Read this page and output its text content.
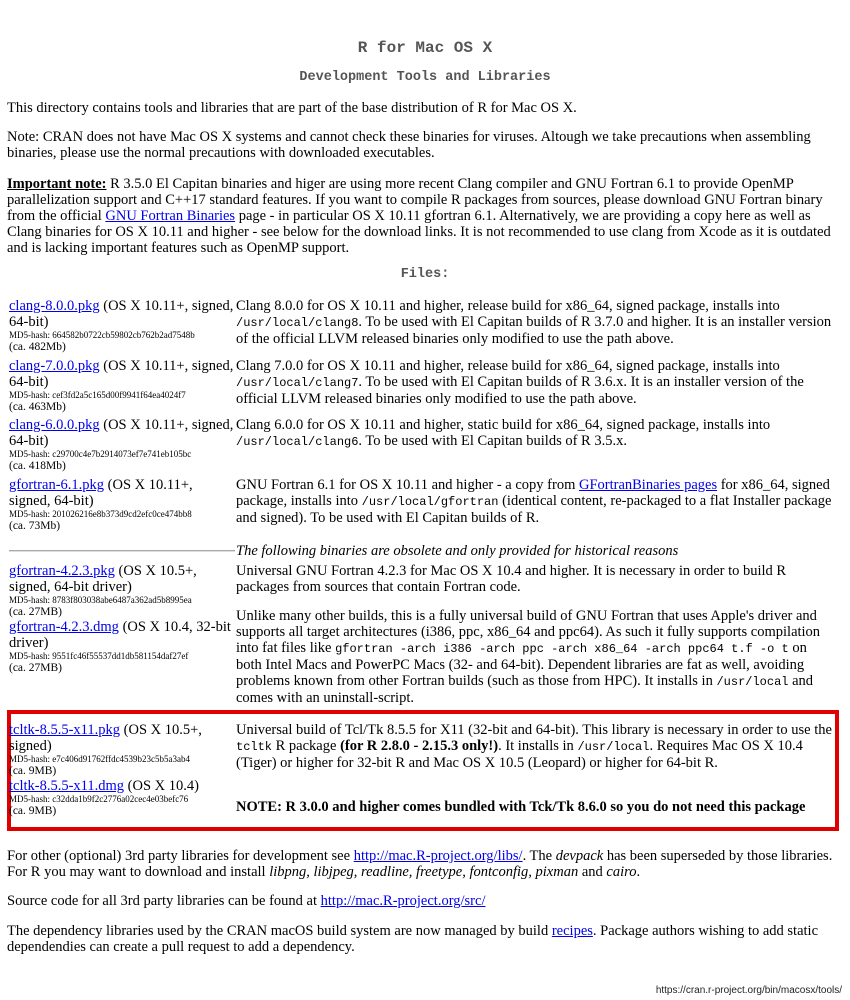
R for Mac OS X
Development Tools and Libraries

This directory contains tools and libraries that are part of the base distribution of R for Mac OS X.

Note: CRAN does not have Mac OS X systems and cannot check these binaries for viruses. Altough we take precautions when assembling binaries, please use the normal precautions with downloaded executables.

Important note: R 3.5.0 El Capitan binaries and higer are using more recent Clang compiler and GNU Fortran 6.1 to provide OpenMP parallelization support and C++17 standard features. If you want to compile R packages from sources, please download GNU Fortran binary from the official GNU Fortran Binaries page - in particular OS X 10.11 gfortran 6.1. Alternatively, we are providing a copy here as well as Clang binaries for OS X 10.11 and higher - see below for the download links. It is not recommended to use clang from Xcode as it is outdated and is lacking important features such as OpenMP support.

Files:
clang-8.0.0.pkg (OS X 10.11+, signed, 64-bit)
MD5-hash: 664582b0722cb59802cb762b2ad7548b
(ca. 482Mb)
Clang 8.0.0 for OS X 10.11 and higher, release build for x86_64, signed package, installs into /usr/local/clang8. To be used with El Capitan builds of R 3.7.0 and higher. It is an installer version of the official LLVM released binaries only modified to use the path above.
clang-7.0.0.pkg (OS X 10.11+, signed, 64-bit)
MD5-hash: cef3fd2a5c165d00f9941f64ea4024f7
(ca. 463Mb)
Clang 7.0.0 for OS X 10.11 and higher, release build for x86_64, signed package, installs into /usr/local/clang7. To be used with El Capitan builds of R 3.6.x. It is an installer version of the official LLVM released binaries only modified to use the path above.
clang-6.0.0.pkg (OS X 10.11+, signed, 64-bit)
MD5-hash: c29700c4e7b2914073ef7e741eb105bc
(ca. 418Mb)
Clang 6.0.0 for OS X 10.11 and higher, static build for x86_64, signed package, installs into /usr/local/clang6. To be used with El Capitan builds of R 3.5.x.
gfortran-6.1.pkg (OS X 10.11+, signed, 64-bit)
MD5-hash: 201026216e8b373d9cd2efc0ce474bb8
(ca. 73Mb)
GNU Fortran 6.1 for OS X 10.11 and higher - a copy from GFortranBinaries pages for x86_64, signed package, installs into /usr/local/gfortran (identical content, re-packaged to a flat Installer package and signed). To be used with El Capitan builds of R.
The following binaries are obsolete and only provided for historical reasons
gfortran-4.2.3.pkg (OS X 10.5+, signed, 64-bit driver)
MD5-hash: 8783f803038abe6487a362ad5b8995ea
(ca. 27MB)
gfortran-4.2.3.dmg (OS X 10.4, 32-bit driver)
MD5-hash: 9551fc46f55537dd1db581154daf27ef
(ca. 27MB)
Universal GNU Fortran 4.2.3 for Mac OS X 10.4 and higher. It is necessary in order to build R packages from sources that contain Fortran code.
Unlike many other builds, this is a fully universal build of GNU Fortran that uses Apple's driver and supports all target architectures (i386, ppc, x86_64 and ppc64). As such it fully supports compilation into fat files like gfortran -arch i386 -arch ppc -arch x86_64 -arch ppc64 t.f -o t on both Intel Macs and PowerPC Macs (32- and 64-bit). Dependent libraries are fat as well, avoiding problems known from other Fortran builds (such as those from HPC). It installs in /usr/local and comes with an uninstall-script.
tcltk-8.5.5-x11.pkg (OS X 10.5+, signed)
MD5-hash: e7c406d91762ffdc4539b23c5b5a3ab4
(ca. 9MB)
tcltk-8.5.5-x11.dmg (OS X 10.4)
MD5-hash: c32dda1b9f2c2776a02cec4e03befc76
(ca. 9MB)
Universal build of Tcl/Tk 8.5.5 for X11 (32-bit and 64-bit). This library is necessary in order to use the tcltk R package (for R 2.8.0 - 2.15.3 only!). It installs in /usr/local. Requires Mac OS X 10.4 (Tiger) or higher for 32-bit R and Mac OS X 10.5 (Leopard) or higher for 64-bit R.
NOTE: R 3.0.0 and higher comes bundled with Tck/Tk 8.6.0 so you do not need this package

For other (optional) 3rd party libraries for development see http://mac.R-project.org/libs/. The devpack has been superseded by those libraries. For R you may want to download and install libpng, libjpeg, readline, freetype, fontconfig, pixman and cairo.

Source code for all 3rd party libraries can be found at http://mac.R-project.org/src/

The dependency libraries used by the CRAN macOS build system are now managed by build recipes. Package authors wishing to add static dependendies can create a pull request to add a dependency.

https://cran.r-project.org/bin/macosx/tools/
